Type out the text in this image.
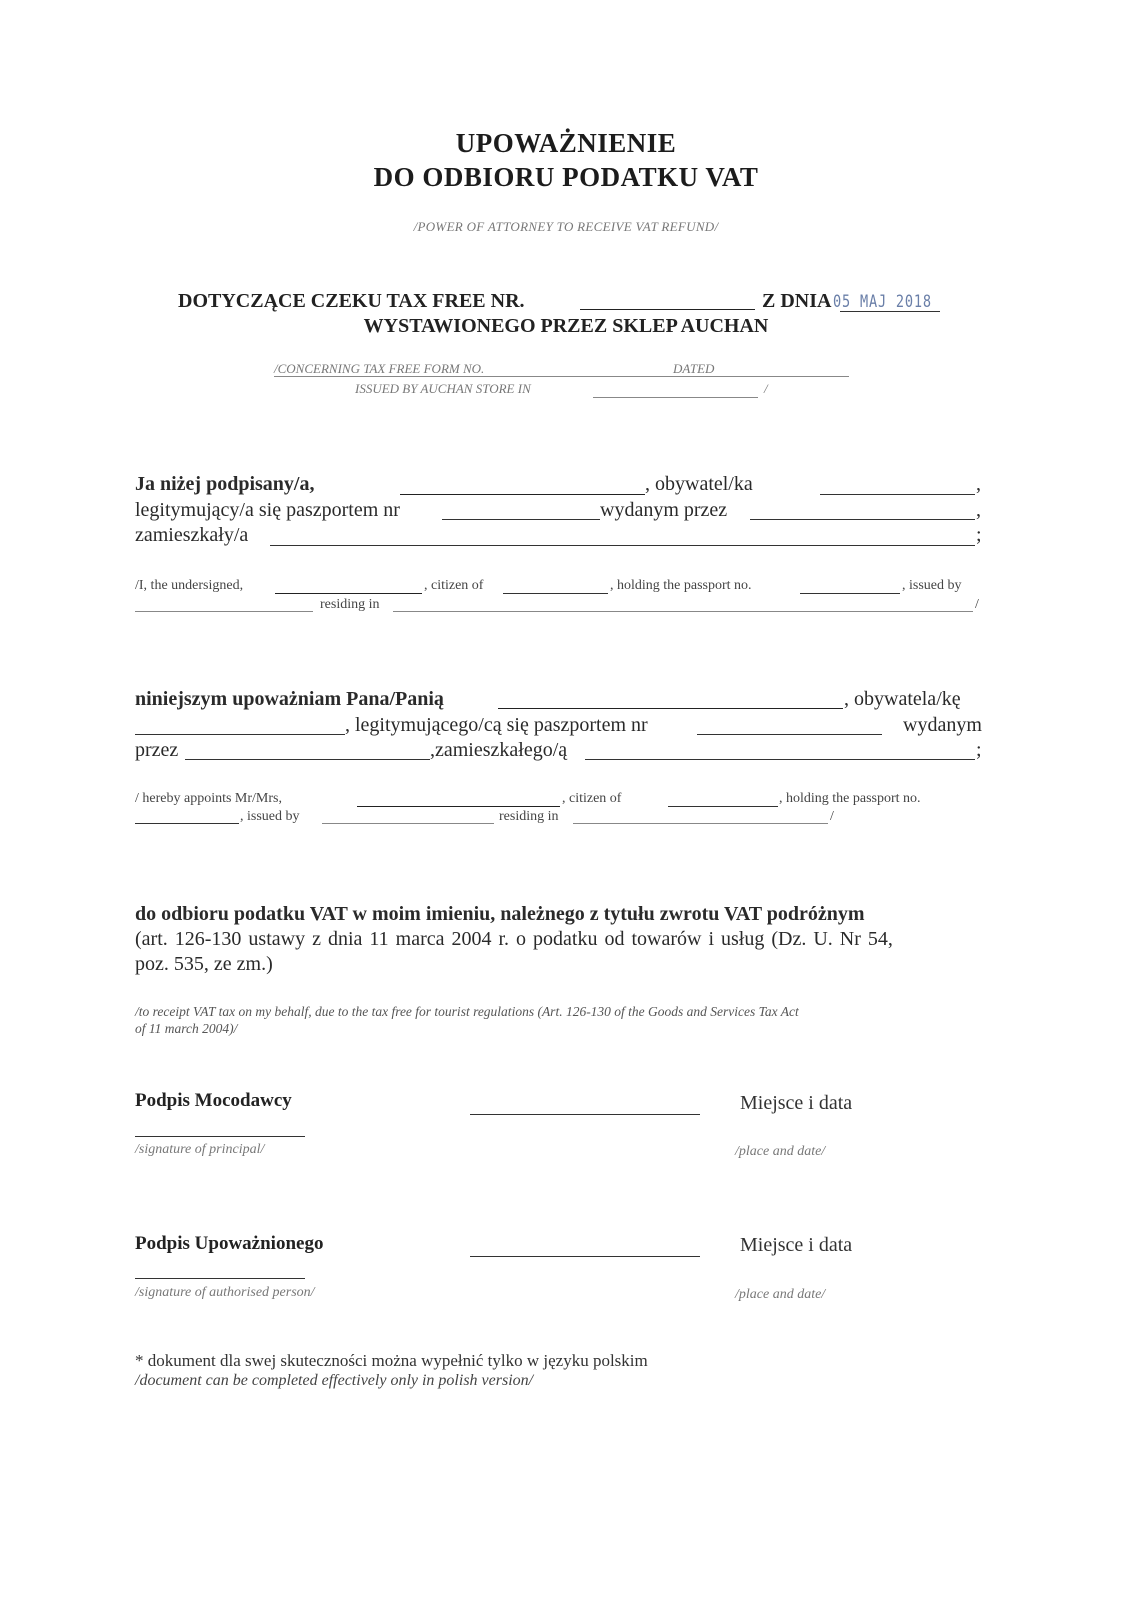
UPOWAŻNIENIE
DO ODBIORU PODATKU VAT
/POWER OF ATTORNEY TO RECEIVE VAT REFUND/
DOTYCZĄCE CZEKU TAX FREE NR.	Z DNIA 05 MAJ 2018
WYSTAWIONEGO PRZEZ SKLEP AUCHAN
/CONCERNING TAX FREE FORM NO.	DATED
ISSUED BY AUCHAN STORE IN	/
Ja niżej podpisany/a,	, obywatel/ka	,
legitymujący/a się paszportem nr	wydanym przez	,
zamieszkały/a	;
/I, the undersigned,	, citizen of	, holding the passport no.	, issued by
residing in	/
niniejszym upoważniam Pana/Panią	, obywatela/kę
, legitymującego/cą się paszportem nr	wydanym
przez	,zamieszkałego/ą	;
/ hereby appoints Mr/Mrs,	, citizen of	, holding the passport no.
, issued by	residing in	/
do odbioru podatku VAT w moim imieniu, należnego z tytułu zwrotu VAT podróżnym
(art. 126-130 ustawy z dnia 11 marca 2004 r. o podatku od towarów i usług (Dz. U. Nr 54,
poz. 535, ze zm.)
/to receipt VAT tax on my behalf, due to the tax free for tourist regulations (Art. 126-130 of the Goods and Services Tax Act
of 11 march 2004)/
Podpis Mocodawcy
/signature of principal/
Miejsce i data
/place and date/
Podpis Upoważnionego
/signature of authorised person/
Miejsce i data
/place and date/
* dokument dla swej skuteczności można wypełnić tylko w języku polskim
/document can be completed effectively only in polish version/
